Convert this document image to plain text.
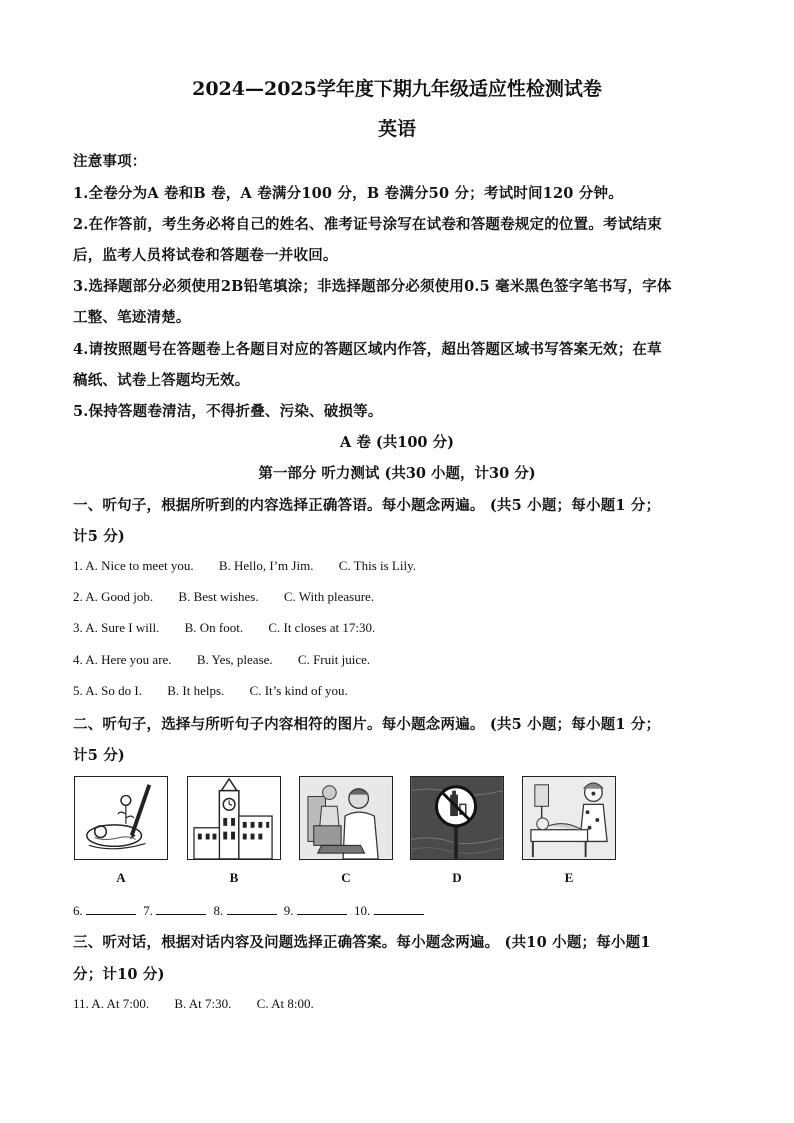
2024—2025学年度下期九年级适应性检测试卷
英语
注意事项：
1.全卷分为A 卷和B 卷，A 卷满分100 分，B 卷满分50 分；考试时间120 分钟。
2.在作答前，考生务必将自己的姓名、准考证号涂写在试卷和答题卷规定的位置。考试结束
后，监考人员将试卷和答题卷一并收回。
3.选择题部分必须使用2B铅笔填涂；非选择题部分必须使用0.5 毫米黑色签字笔书写，字体
工整、笔迹清楚。
4.请按照题号在答题卷上各题目对应的答题区域内作答，超出答题区域书写答案无效；在草
稿纸、试卷上答题均无效。
5.保持答题卷清洁，不得折叠、污染、破损等。
A 卷 (共100 分)
第一部分 听力测试 (共30 小题，计30 分)
一、听句子，根据所听到的内容选择正确答语。每小题念两遍。 (共5 小题；每小题1 分；
计5 分)
1. A. Nice to meet you. B. Hello, I’m Jim. C. This is Lily.
2. A. Good job. B. Best wishes. C. With pleasure.
3. A. Sure I will. B. On foot. C. It closes at 17:30.
4. A. Here you are. B. Yes, please. C. Fruit juice.
5. A. So do I. B. It helps. C. It’s kind of you.
二、听句子，选择与所听句子内容相符的图片。每小题念两遍。 (共5 小题；每小题1 分；
计5 分)
A	B	C	D	E
6.	7.	8.	9.	10.
三、听对话，根据对话内容及问题选择正确答案。每小题念两遍。 (共10 小题；每小题1
分；计10 分)
11. A. At 7:00. B. At 7:30. C. At 8:00.
